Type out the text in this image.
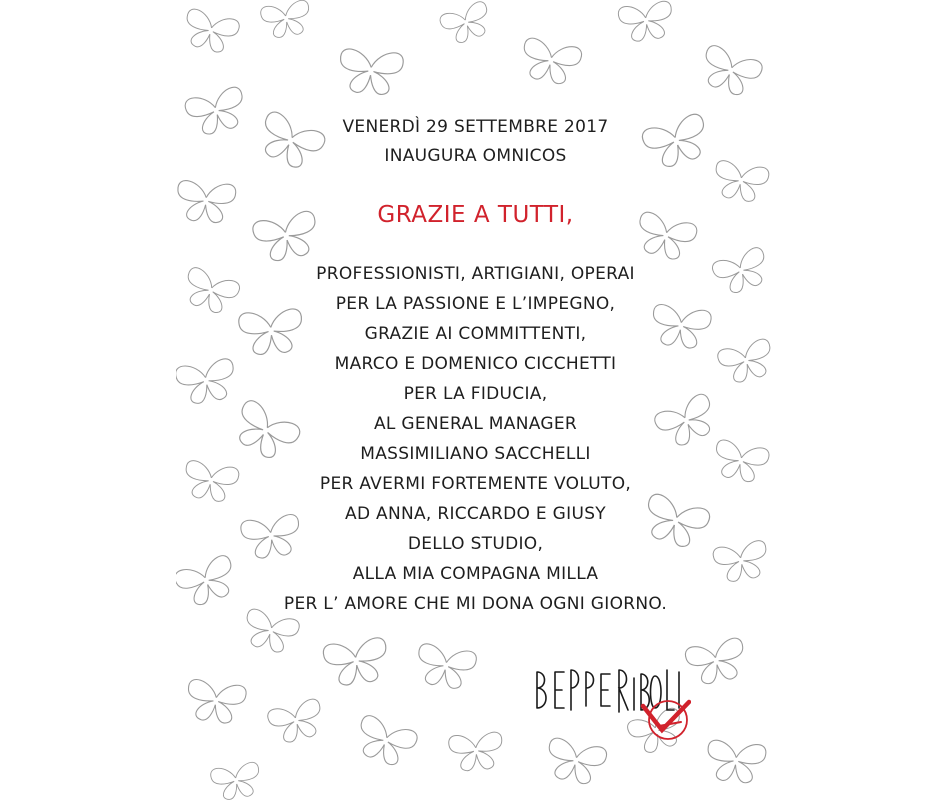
VENERDÌ 29 SETTEMBRE 2017
INAUGURA OMNICOS
GRAZIE A TUTTI,
PROFESSIONISTI, ARTIGIANI, OPERAI
PER LA PASSIONE E L’IMPEGNO,
GRAZIE AI COMMITTENTI,
MARCO E DOMENICO CICCHETTI
PER LA FIDUCIA,
AL GENERAL MANAGER
MASSIMILIANO SACCHELLI
PER AVERMI FORTEMENTE VOLUTO,
AD ANNA, RICCARDO E GIUSY
DELLO STUDIO,
ALLA MIA COMPAGNA MILLA
PER L’ AMORE CHE MI DONA OGNI GIORNO.
